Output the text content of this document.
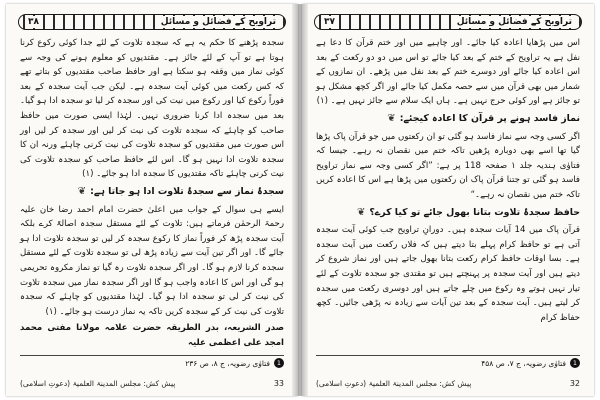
تراویح کے فضائل و مسائل
۳۸

سجدہ پڑھنے کا حکم یہ ہے کہ سجدہ تلاوت کے لئے جدا کوئی رکوع کرنا ہوتا ہے تو آپ کے لئے جائز ہے۔ مقتدیوں کو معلوم ہونے کی وجہ سے کوئی نماز میں وقفہ ہو سکتا ہے اور حافظ صاحب مقتدیوں کو بتاتے تھے کہ کس رکعت میں کوئی آیت سجدہ ہے۔ لیکن جب آیت سجدہ کے بعد فوراً رکوع کیا اور رکوع میں نیت کی اور سجدہ کر لیا تو سجدہ ادا ہو گیا۔ بعد میں سجدہ ادا کرنا ضروری نہیں۔ لہٰذا ایسی صورت میں حافظ صاحب کو چاہئے کہ سجدہ تلاوت کی نیت کر لیں اور سجدہ کر لیں اور اس صورت میں مقتدیوں کو سجدہ تلاوت کی نیت کرنی چاہئے ورنہ ان کا سجدہ تلاوت ادا نہیں ہو گا۔ اس لئے حافظ صاحب کو سجدہ تلاوت کی نیت کرنی چاہئے تاکہ مقتدیوں کا سجدہ ادا ہو جائے۔ (۱)

سجدۂ نماز سے سجدۂ تلاوت ادا ہو جاتا ہے:
❦

ایسے ہی سوال کے جواب میں اعلیٰ حضرت امام احمد رضا خان علیہ رحمۃ الرحمٰن فرماتے ہیں: تلاوت کے لئے مستقل سجدہ اصالۃً کرے بلکہ آیت سجدہ پڑھ کر فوراً نماز کا رکوع سجدہ کر لیں تو سجدہ تلاوت ادا ہو جائے گا۔ اور اگر تین آیت سے زیادہ پڑھ لی تو سجدہ تلاوت کے لئے مستقل سجدہ کرنا لازم ہو گا۔ اور اگر سجدہ تلاوت رہ گیا تو نماز مکروہ تحریمی ہو گی اور اس کا اعادہ واجب ہو گا اور اگر سجدہ نماز میں سجدہ تلاوت کی نیت کر لی تو سجدہ ادا ہو گیا۔ لہٰذا مقتدیوں کو چاہئے کہ سجدہ تلاوت کی نیت کر کے سجدہ کریں تاکہ یہ نماز درست ہو جائے۔ (۱)

صدر الشریعہ، بدر الطریقہ حضرت علامہ مولانا مفتی محمد امجد علی اعظمی علیہ

1
فتاوٰی رضویہ، ج ۸، ص ۲۳۶
33
پیش کش: مجلس المدینۃ العلمیۃ (دعوتِ اسلامی)
تراویح کے فضائل و مسائل
۳۷

اس میں پڑھایا اعادہ کیا جائے۔ اور چاہیے میں اور ختم قرآن کا دعا ہے نفل ہے یہ تراویح کے ختم کے بعد کیا جائے تو اس میں دو دو رکعت کے بعد اس اعادہ کیا جائے اور دوسرے ختم کے بعد نفل میں پڑھے۔ ان نمازوں کے شمار میں بھی قرآن میں سے حصہ مکمل کیا جائے اور اگر کچھ مشکل ہو تو جائز ہے اور کوئی حرج نہیں ہے۔ ہاں ایک سلام سے جائز نہیں ہے۔ (۱)

نماز فاسد ہونے پر قرآن کا اعادہ کیجئے:
❦

اگر کسی وجہ سے نماز فاسد ہو گئی تو ان رکعتوں میں جو قرآن پاک پڑھا گیا تھا اسے بھی دوبارہ پڑھیں تاکہ ختم میں نقصان نہ رہے۔ جیسا کہ فتاوٰی ہندیہ جلد ۱ صفحہ 118 پر ہے: ”اگر کسی وجہ سے نماز تراویح فاسد ہو گئی تو جتنا قرآن پاک ان رکعتوں میں پڑھا ہے اس کا اعادہ کریں تاکہ ختم میں نقصان نہ رہے۔“

حافظ سجدۂ تلاوت بتانا بھول جائے تو کیا کرے؟
❦

قرآن پاک میں 14 آیات سجدہ ہیں۔ دورانِ تراویح جب کوئی آیت سجدہ آتی ہے تو حافظ کرام پہلے بتا دیتے ہیں کہ فلاں رکعت میں آیت سجدہ ہے۔ بسا اوقات حافظ کرام رکعت بتانا بھول جاتے ہیں اور نماز شروع کر دیتے ہیں اور آیت سجدہ پر پہنچتے ہیں تو مقتدی جو سجدہ تلاوت کے لئے تیار نہیں ہوتے وہ رکوع میں چلے جاتے ہیں اور دوسری رکعت میں سجدہ کر لیتے ہیں۔ آیت سجدہ کے بعد تین آیات سے زیادہ نہ پڑھی جائیں۔ کچھ حفاظ کرام

1
فتاوٰی رضویہ، ج ۷، ص ۴۵۸
32
پیش کش: مجلس المدینۃ العلمیۃ (دعوتِ اسلامی)
